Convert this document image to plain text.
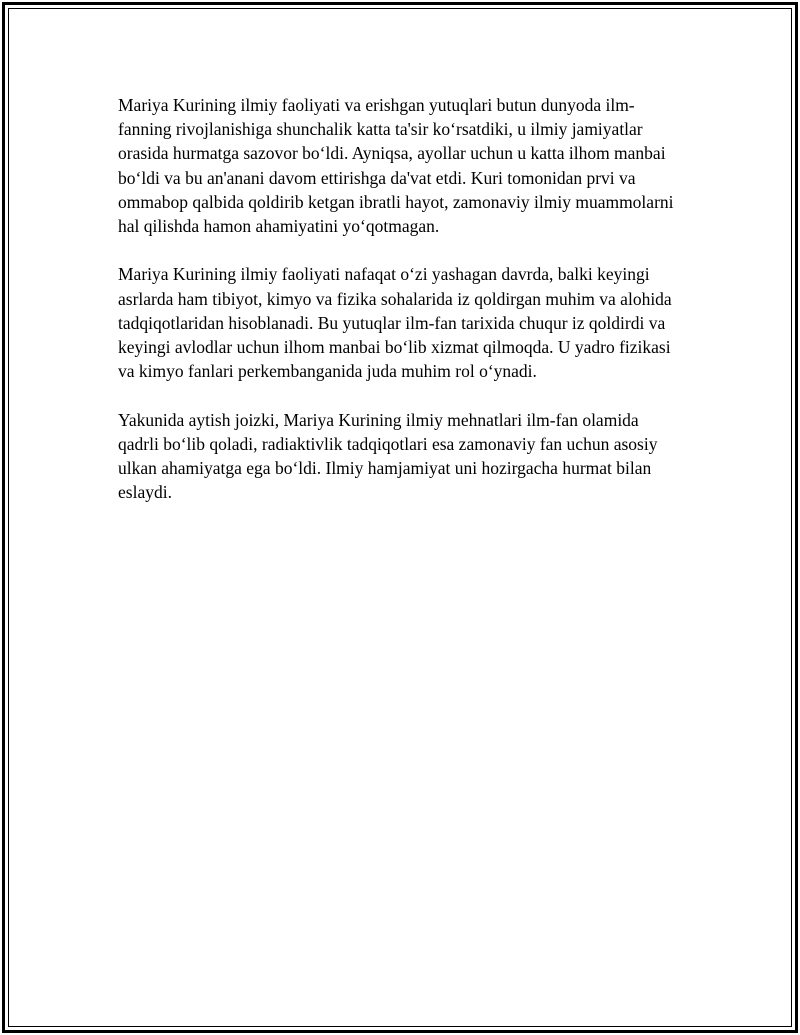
Mariya Kurining ilmiy faoliyati va erishgan yutuqlari butun dunyoda ilm-fanning rivojlanishiga shunchalik katta ta'sir ko‘rsatdiki, u ilmiy jamiyatlar orasida hurmatga sazovor bo‘ldi. Ayniqsa, ayollar uchun u katta ilhom manbai bo‘ldi va bu an'anani davom ettirishga da'vat etdi. Kuri tomonidan prvi va ommabop qalbida qoldirib ketgan ibratli hayot, zamonaviy ilmiy muammolarni hal qilishda hamon ahamiyatini yo‘qotmagan.

Mariya Kurining ilmiy faoliyati nafaqat o‘zi yashagan davrda, balki keyingi asrlarda ham tibiyot, kimyo va fizika sohalarida iz qoldirgan muhim va alohida tadqiqotlaridan hisoblanadi. Bu yutuqlar ilm-fan tarixida chuqur iz qoldirdi va keyingi avlodlar uchun ilhom manbai bo‘lib xizmat qilmoqda. U yadro fizikasi va kimyo fanlari perkembanganida juda muhim rol o‘ynadi.

Yakunida aytish joizki, Mariya Kurining ilmiy mehnatlari ilm-fan olamida qadrli bo‘lib qoladi, radiaktivlik tadqiqotlari esa zamonaviy fan uchun asosiy ulkan ahamiyatga ega bo‘ldi. Ilmiy hamjamiyat uni hozirgacha hurmat bilan eslaydi.
